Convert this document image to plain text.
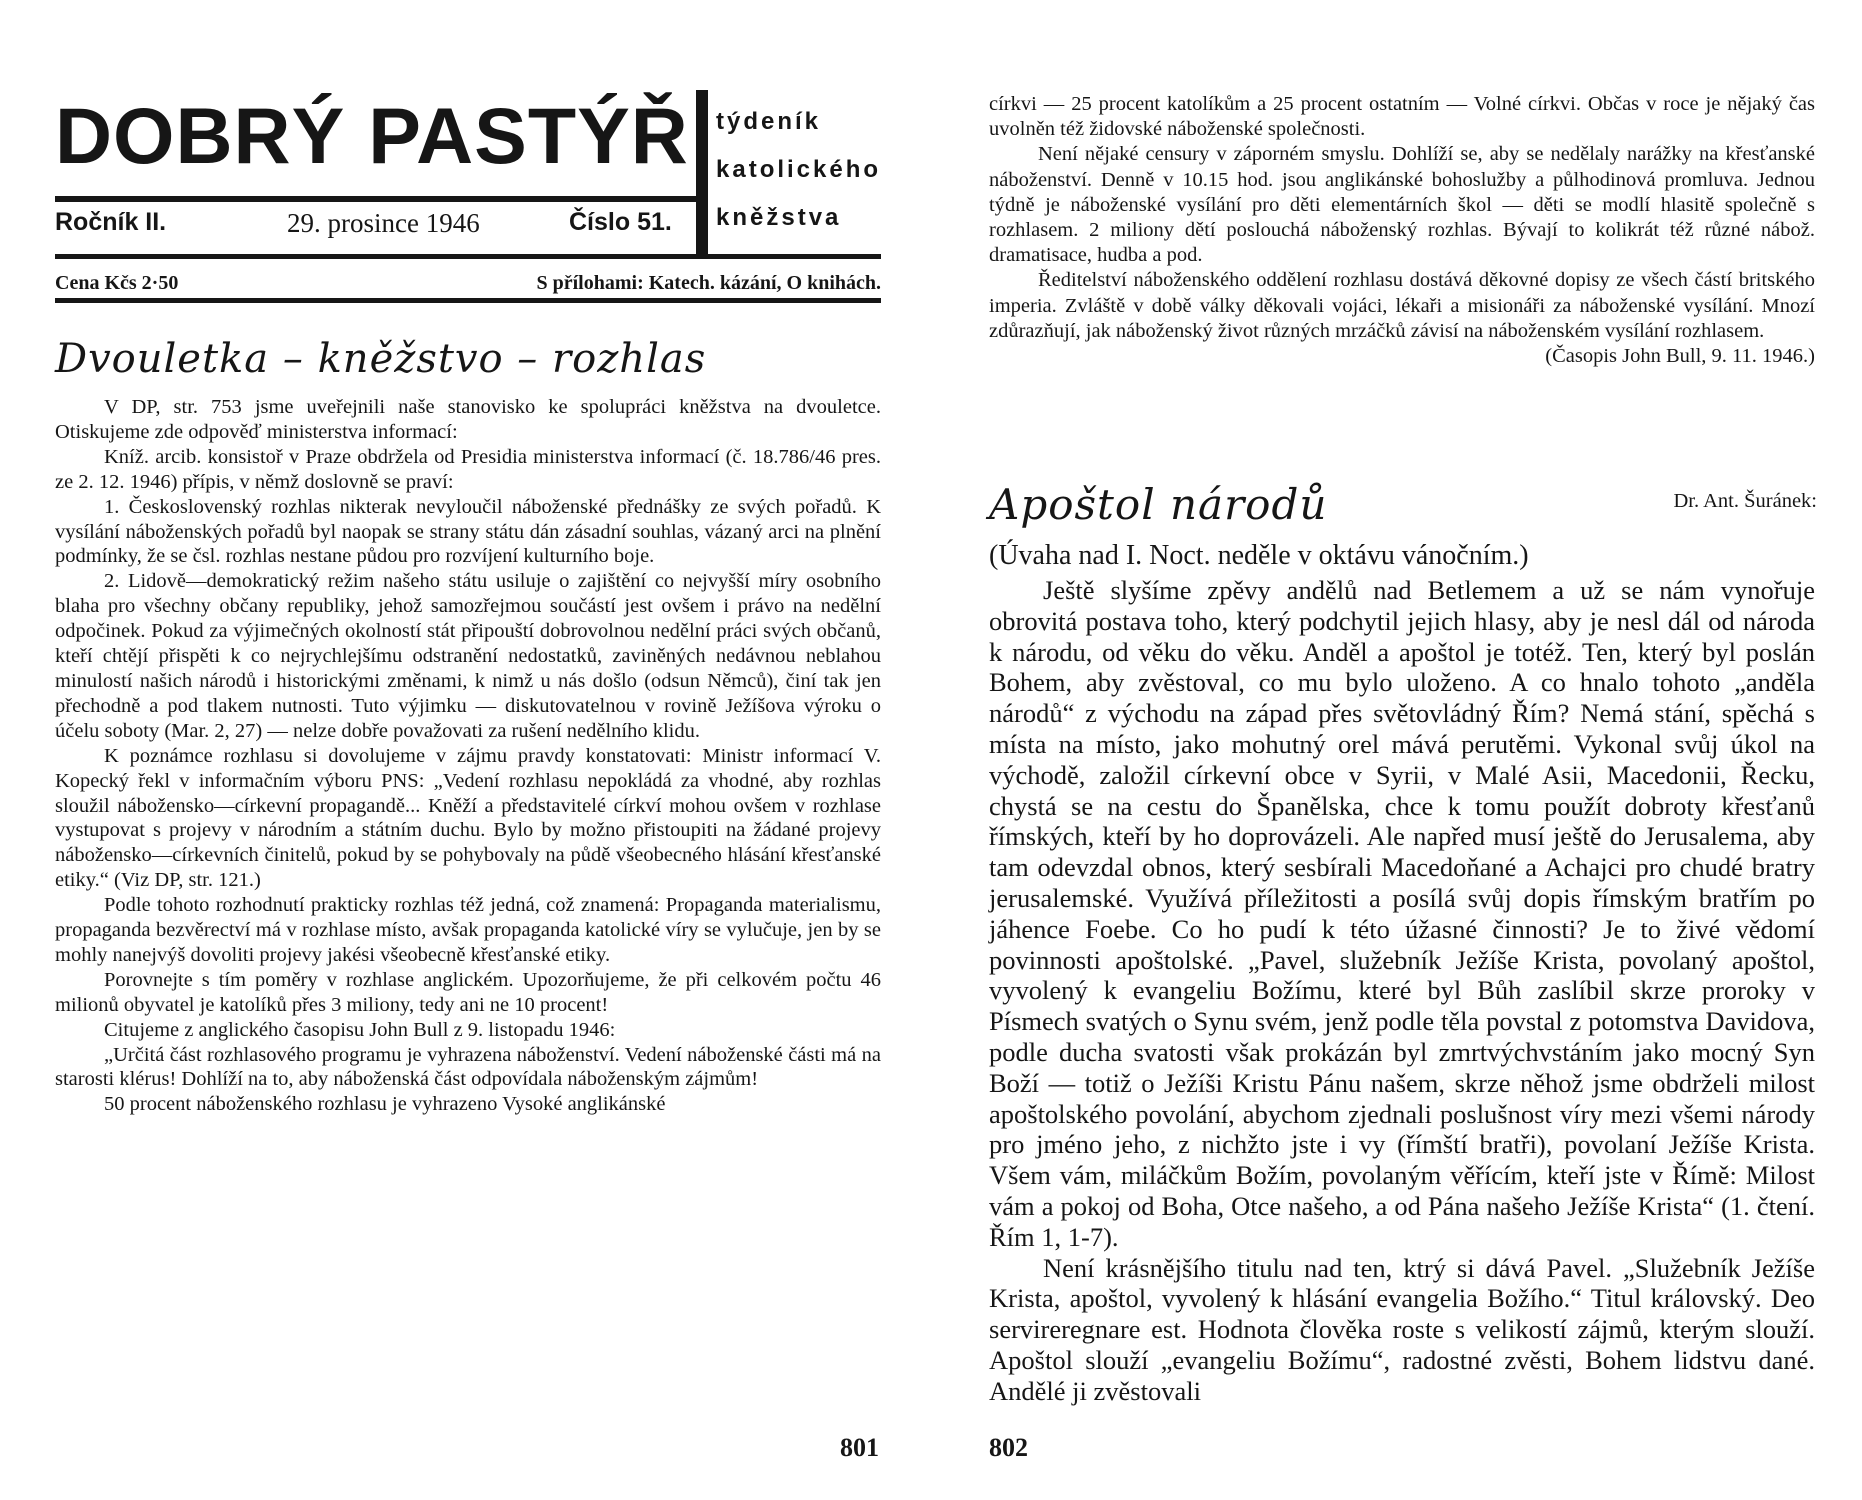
DOBRÝ PASTÝŘ týdeník
katolického
kněžstva
Ročník II.	29. prosince 1946	Číslo 51.
Cena Kčs 2·50	S přílohami: Katech. kázání, O knihách.
Dvouletka – kněžstvo – rozhlas

V DP, str. 753 jsme uveřejnili naše stanovisko ke spolupráci kněžstva na dvouletce. Otiskujeme zde odpověď ministerstva informací:

Kníž. arcib. konsistoř v Praze obdržela od Presidia ministerstva informací (č. 18.786/46 pres. ze 2. 12. 1946) přípis, v němž doslovně se praví:

1. Československý rozhlas nikterak nevyloučil náboženské přednášky ze svých pořadů. K vysílání náboženských pořadů byl naopak se strany státu dán zásadní souhlas, vázaný arci na plnění podmínky, že se čsl. rozhlas nestane půdou pro rozvíjení kulturního boje.

2. Lidově—demokratický režim našeho státu usiluje o zajištění co nejvyšší míry osobního blaha pro všechny občany republiky, jehož samozřejmou součástí jest ovšem i právo na nedělní odpočinek. Pokud za výjimečných okolností stát připouští dobrovolnou nedělní práci svých občanů, kteří chtějí přispěti k co nejrychlejšímu odstranění nedostatků, zaviněných nedávnou neblahou minulostí našich národů i historickými změnami, k nimž u nás došlo (odsun Němců), činí tak jen přechodně a pod tlakem nutnosti. Tuto výjimku — diskutovatelnou v rovině Ježíšova výroku o účelu soboty (Mar. 2, 27) — nelze dobře považovati za rušení nedělního klidu.

K poznámce rozhlasu si dovolujeme v zájmu pravdy konstatovati: Ministr informací V. Kopecký řekl v informačním výboru PNS: „Vedení rozhlasu nepokládá za vhodné, aby rozhlas sloužil nábožensko—církevní propagandě... Kněží a představitelé církví mohou ovšem v rozhlase vystupovat s projevy v národním a státním duchu. Bylo by možno přistoupiti na žádané projevy nábožensko—církevních činitelů, pokud by se pohybovaly na půdě všeobecného hlásání křesťanské etiky.“ (Viz DP, str. 121.)

Podle tohoto rozhodnutí prakticky rozhlas též jedná, což znamená: Propaganda materialismu, propaganda bezvěrectví má v rozhlase místo, avšak propaganda katolické víry se vylučuje, jen by se mohly nanejvýš dovoliti projevy jakési všeobecně křesťanské etiky.

Porovnejte s tím poměry v rozhlase anglickém. Upozorňujeme, že při celkovém počtu 46 milionů obyvatel je katolíků přes 3 miliony, tedy ani ne 10 procent!

Citujeme z anglického časopisu John Bull z 9. listopadu 1946:

„Určitá část rozhlasového programu je vyhrazena náboženství. Vedení náboženské části má na starosti klérus! Dohlíží na to, aby náboženská část odpovídala náboženským zájmům!

50 procent náboženského rozhlasu je vyhrazeno Vysoké anglikánské

801

církvi — 25 procent katolíkům a 25 procent ostatním — Volné církvi. Občas v roce je nějaký čas uvolněn též židovské náboženské společnosti.

Není nějaké censury v záporném smyslu. Dohlíží se, aby se nedělaly narážky na křesťanské náboženství. Denně v 10.15 hod. jsou anglikánské bohoslužby a půlhodinová promluva. Jednou týdně je náboženské vysílání pro děti elementárních škol — děti se modlí hlasitě společně s rozhlasem. 2 miliony dětí poslouchá náboženský rozhlas. Bývají to kolikrát též různé nábož. dramatisace, hudba a pod.

Ředitelství náboženského oddělení rozhlasu dostává děkovné dopisy ze všech částí britského imperia. Zvláště v době války děkovali vojáci, lékaři a misionáři za náboženské vysílání. Mnozí zdůrazňují, jak náboženský život různých mrzáčků závisí na náboženském vysílání rozhlasem.

(Časopis John Bull, 9. 11. 1946.)

Apoštol národů	Dr. Ant. Šuránek:
(Úvaha nad I. Noct. neděle v oktávu vánočním.)

Ještě slyšíme zpěvy andělů nad Betlemem a už se nám vynořuje obrovitá postava toho, který podchytil jejich hlasy, aby je nesl dál od národa k národu, od věku do věku. Anděl a apoštol je totéž. Ten, který byl poslán Bohem, aby zvěstoval, co mu bylo uloženo. A co hnalo tohoto „anděla národů“ z východu na západ přes světovládný Řím? Nemá stání, spěchá s místa na místo, jako mohutný orel mává perutěmi. Vykonal svůj úkol na východě, založil církevní obce v Syrii, v Malé Asii, Macedonii, Řecku, chystá se na cestu do Španělska, chce k tomu použít dobroty křesťanů římských, kteří by ho doprovázeli. Ale napřed musí ještě do Jerusalema, aby tam odevzdal obnos, který sesbírali Macedoňané a Achajci pro chudé bratry jerusalemské. Využívá příležitosti a posílá svůj dopis římským bratřím po jáhence Foebe. Co ho pudí k této úžasné činnosti? Je to živé vědomí povinnosti apoštolské. „Pavel, služebník Ježíše Krista, povolaný apoštol, vyvolený k evangeliu Božímu, které byl Bůh zaslíbil skrze proroky v Písmech svatých o Synu svém, jenž podle těla povstal z potomstva Davidova, podle ducha svatosti však prokázán byl zmrtvýchvstáním jako mocný Syn Boží — totiž o Ježíši Kristu Pánu našem, skrze něhož jsme obdrželi milost apoštolského povolání, abychom zjednali poslušnost víry mezi všemi národy pro jméno jeho, z nichžto jste i vy (římští bratři), povolaní Ježíše Krista. Všem vám, miláčkům Božím, povolaným věřícím, kteří jste v Římě: Milost vám a pokoj od Boha, Otce našeho, a od Pána našeho Ježíše Krista“ (1. čtení. Řím 1, 1-7).

Není krásnějšího titulu nad ten, ktrý si dává Pavel. „Služebník Ježíše Krista, apoštol, vyvolený k hlásání evangelia Božího.“ Titul královský. Deo servireregnare est. Hodnota člověka roste s velikostí zájmů, kterým slouží. Apoštol slouží „evangeliu Božímu“, radostné zvěsti, Bohem lidstvu dané. Andělé ji zvěstovali

802
